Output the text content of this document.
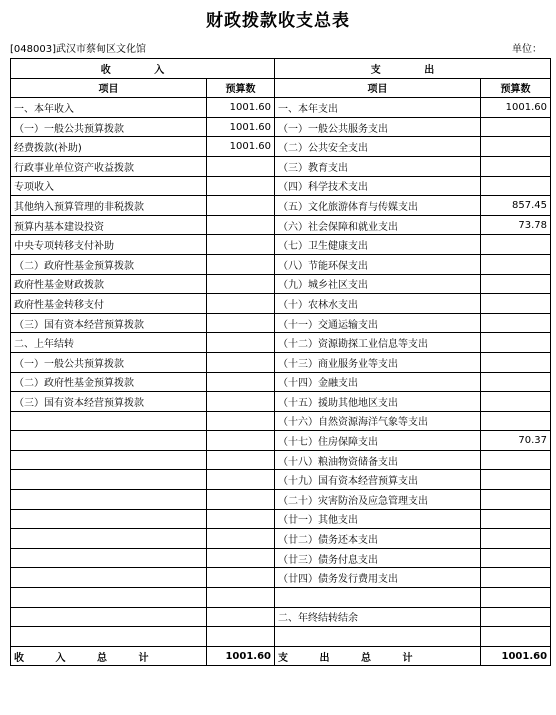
财政拨款收支总表
[048003]武汉市蔡甸区文化馆	单位：
收 入		支 出	
项目	预算数	项目	预算数
一、本年收入	1001.60	一、本年支出	1001.60
（一）一般公共预算拨款	1001.60	（一）一般公共服务支出	
经费拨款(补助)	1001.60	（二）公共安全支出	
行政事业单位资产收益拨款		（三）教育支出	
专项收入		（四）科学技术支出	
其他纳入预算管理的非税拨款		（五）文化旅游体育与传媒支出	857.45
预算内基本建设投资		（六）社会保障和就业支出	73.78
中央专项转移支付补助		（七）卫生健康支出	
（二）政府性基金预算拨款		（八）节能环保支出	
政府性基金财政拨款		（九）城乡社区支出	
政府性基金转移支付		（十）农林水支出	
（三）国有资本经营预算拨款		（十一）交通运输支出	
二、上年结转		（十二）资源勘探工业信息等支出	
（一）一般公共预算拨款		（十三）商业服务业等支出	
（二）政府性基金预算拨款		（十四）金融支出	
（三）国有资本经营预算拨款		（十五）援助其他地区支出	
		（十六）自然资源海洋气象等支出	
		（十七）住房保障支出	70.37
		（十八）粮油物资储备支出	
		（十九）国有资本经营预算支出	
		（二十）灾害防治及应急管理支出	
		（廿一）其他支出	
		（廿二）债务还本支出	
		（廿三）债务付息支出	
		（廿四）债务发行费用支出	

		二、年终结转结余	

收 入 总 计	1001.60	支 出 总 计	1001.60
